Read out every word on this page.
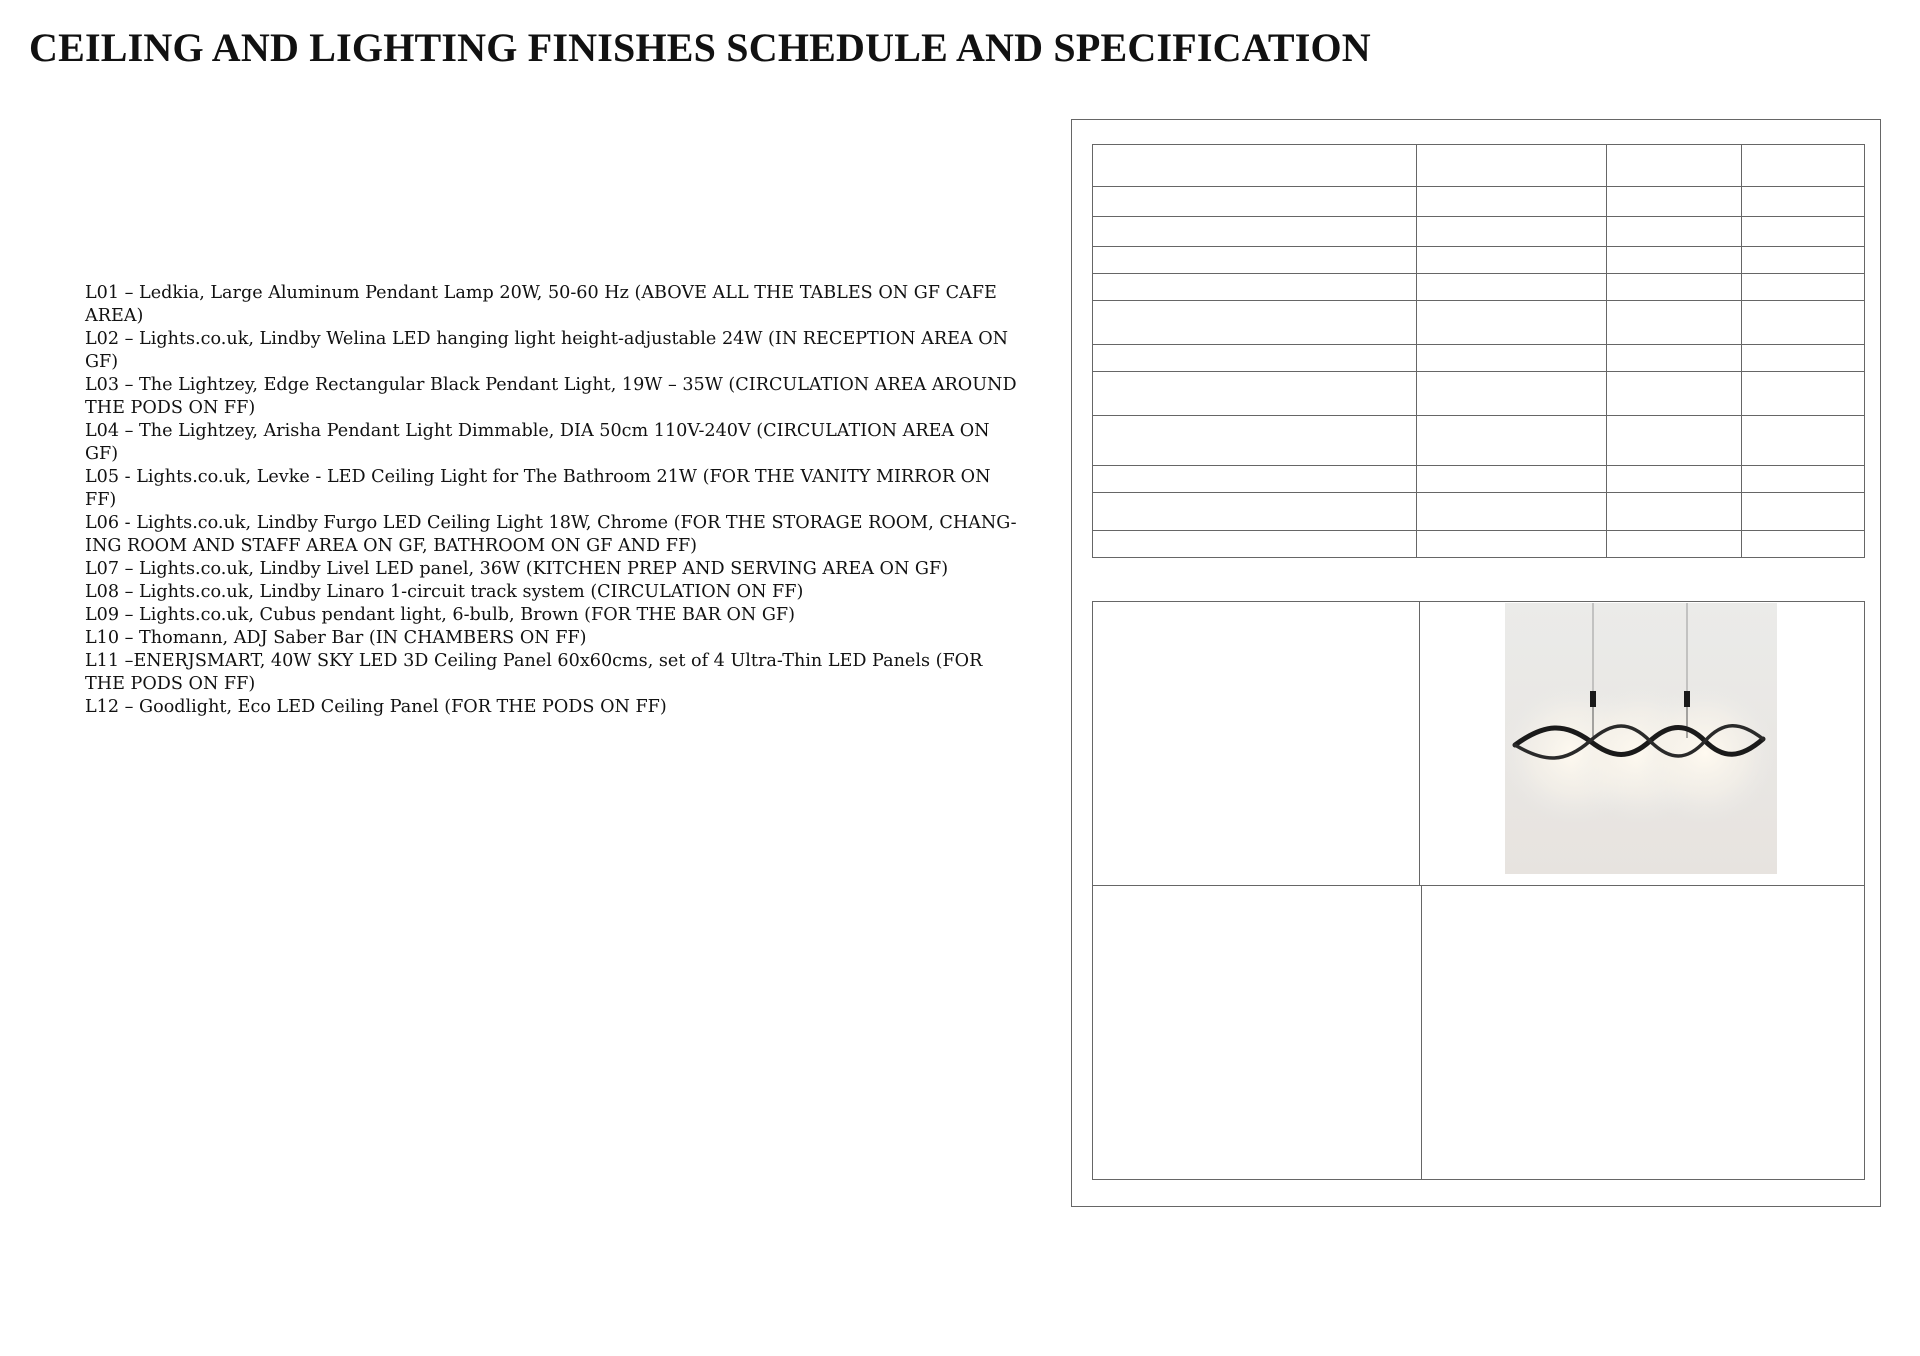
CEILING AND LIGHTING FINISHES SCHEDULE AND SPECIFICATION
L01 – Ledkia, Large Aluminum Pendant Lamp 20W, 50-60 Hz (ABOVE ALL THE TABLES ON GF CAFE AREA)
L02 – Lights.co.uk, Lindby Welina LED hanging light height-adjustable 24W (IN RECEPTION AREA ON GF)
L03 – The Lightzey, Edge Rectangular Black Pendant Light, 19W – 35W (CIRCULATION AREA AROUND THE PODS ON FF)
L04 – The Lightzey, Arisha Pendant Light Dimmable, DIA 50cm 110V-240V (CIRCULATION AREA ON GF)
L05 - Lights.co.uk, Levke - LED Ceiling Light for The Bathroom 21W (FOR THE VANITY MIRROR ON FF)
L06 - Lights.co.uk, Lindby Furgo LED Ceiling Light 18W, Chrome (FOR THE STORAGE ROOM, CHANG-ING ROOM AND STAFF AREA ON GF, BATHROOM ON GF AND FF)
L07 – Lights.co.uk, Lindby Livel LED panel, 36W (KITCHEN PREP AND SERVING AREA ON GF)
L08 – Lights.co.uk, Lindby Linaro 1-circuit track system (CIRCULATION ON FF)
L09 – Lights.co.uk, Cubus pendant light, 6-bulb, Brown (FOR THE BAR ON GF)
L10 – Thomann, ADJ Saber Bar (IN CHAMBERS ON FF)
L11 –ENERJSMART, 40W SKY LED 3D Ceiling Panel 60x60cms, set of 4 Ultra-Thin LED Panels (FOR THE PODS ON FF)
L12 – Goodlight, Eco LED Ceiling Panel (FOR THE PODS ON FF)
